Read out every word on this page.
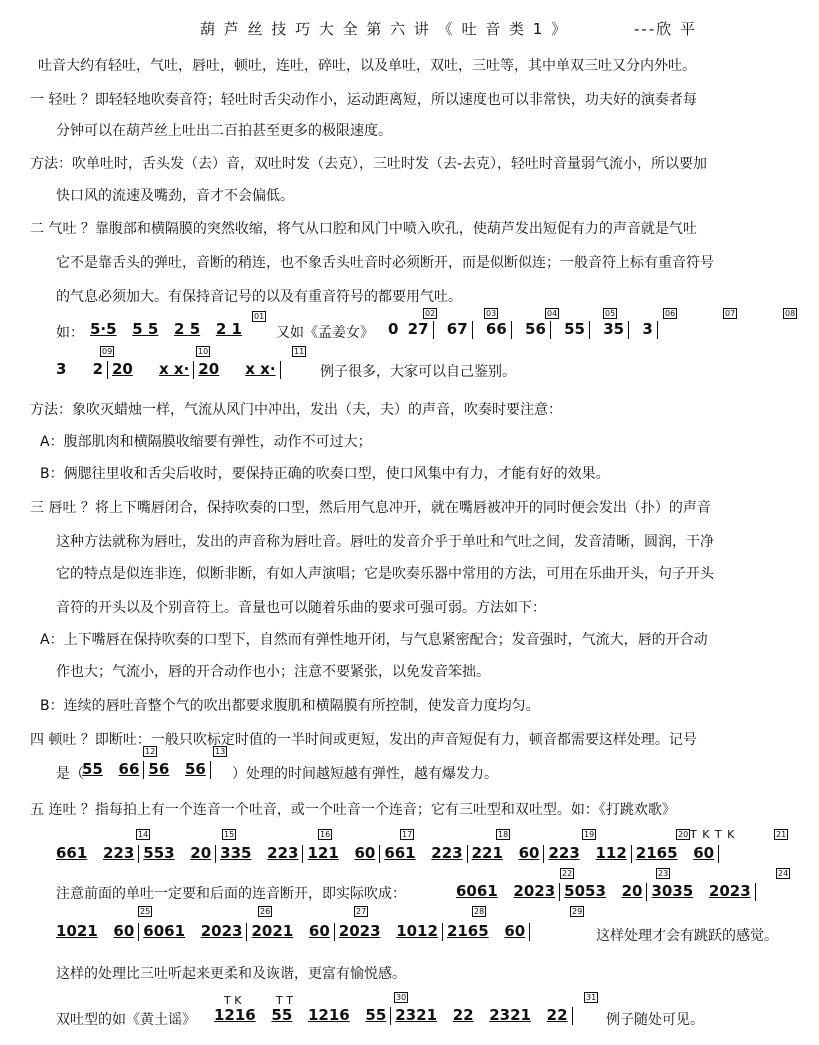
葫 芦 丝 技 巧 大 全 第 六 讲 《 吐 音 类 1 》	---欣 平
吐音大约有轻吐，气吐，唇吐，顿吐，连吐，碎吐，以及单吐，双吐，三吐等，其中单双三吐又分内外吐。
一 轻吐 ？即轻轻地吹奏音符；轻吐时舌尖动作小，运动距离短，所以速度也可以非常快，功夫好的演奏者每
分钟可以在葫芦丝上吐出二百拍甚至更多的极限速度。
方法：吹单吐时，舌头发（去）音，双吐时发（去克），三吐时发（去-去克），轻吐时音量弱气流小，所以要加
快口风的流速及嘴劲，音才不会偏低。
二 气吐 ？靠腹部和横隔膜的突然收缩，将气从口腔和风门中喷入吹孔，使葫芦发出短促有力的声音就是气吐
它不是靠舌头的弹吐，音断的稍连，也不象舌头吐音时必须断开，而是似断似连；一般音符上标有重音符号
的气息必须加大。有保持音记号的以及有重音符号的都要用气吐。
如： 5·5 5 5 2 5 2 1
01
又如《孟姜女》 0 27 67 66 56 55 35 3
02	03	04	05	06	07	08
3 2 20 x x· 20 x x·
09	10	11
例子很多，大家可以自己鉴别。
方法：象吹灭蜡烛一样，气流从风门中冲出，发出（夫，夫）的声音，吹奏时要注意：
A：腹部肌肉和横隔膜收缩要有弹性，动作不可过大；
B：俩腮往里收和舌尖后收时，要保持正确的吹奏口型，使口风集中有力，才能有好的效果。
三 唇吐 ？将上下嘴唇闭合，保持吹奏的口型，然后用气息冲开，就在嘴唇被冲开的同时便会发出（扑）的声音
这种方法就称为唇吐，发出的声音称为唇吐音。唇吐的发音介乎于单吐和气吐之间，发音清晰，圆润，干净
它的特点是似连非连，似断非断，有如人声演唱；它是吹奏乐器中常用的方法，可用在乐曲开头，句子开头
音符的开头以及个别音符上。音量也可以随着乐曲的要求可强可弱。方法如下：
A：上下嘴唇在保持吹奏的口型下，自然而有弹性地开闭，与气息紧密配合；发音强时，气流大，唇的开合动
作也大；气流小，唇的开合动作也小；注意不要紧张，以免发音笨拙。
B：连续的唇吐音整个气的吹出都要求腹肌和横隔膜有所控制，使发音力度均匀。
四 顿吐 ？即断吐：一般只吹标定时值的一半时间或更短，发出的声音短促有力，顿音都需要这样处理。记号
是（
55 66 56 56
12	13
）处理的时间越短越有弹性，越有爆发力。
五 连吐 ？指每拍上有一个连音一个吐音，或一个吐音一个连音；它有三吐型和双吐型。如：《打跳欢歌》
661 223 553 20 335 223 121 60 661 223 221 60 223 112 2165 60
14	15	16	17	18	19	T K T K
20	21
注意前面的单吐一定要和后面的连音断开，即实际吹成：	6061 2023 5053 20 3035 2023
22	23	24
1021 60 6061 2023 2021 60 2023 1012 2165 60
25	26	27	28	29
这样处理才会有跳跃的感觉。
这样的处理比三吐听起来更柔和及诙谐，更富有愉悦感。
双吐型的如《黄土谣》
T K	T T
1216 55 1216 55 2321 22 2321 22
30	31
例子随处可见。
